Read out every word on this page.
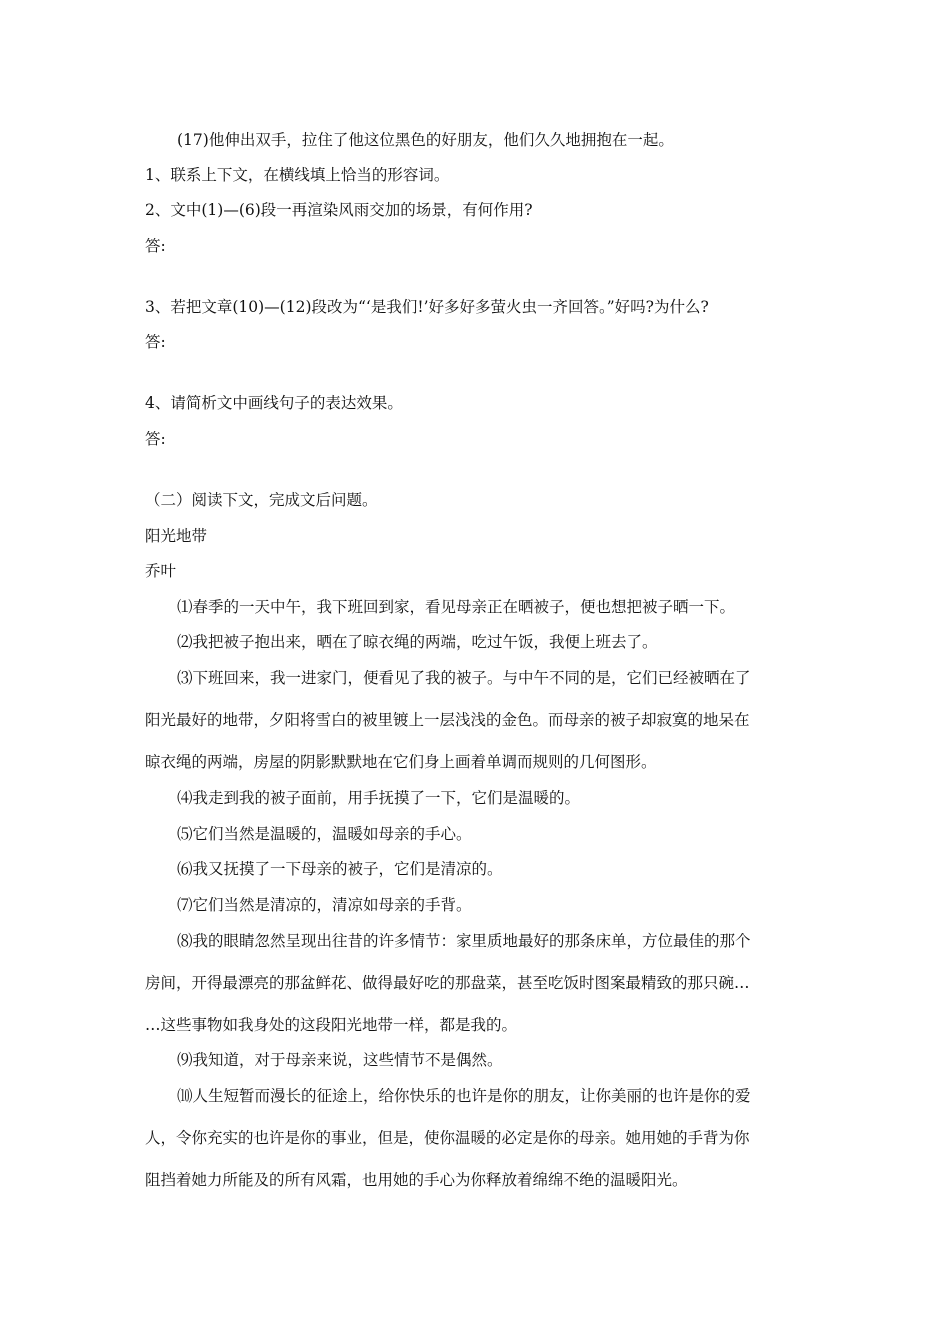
(17)他伸出双手，拉住了他这位黑色的好朋友，他们久久地拥抱在一起。
1、联系上下文，在横线填上恰当的形容词。
2、文中(1)—(6)段一再渲染风雨交加的场景，有何作用?
答:
3、若把文章(10)—(12)段改为“‘是我们!’好多好多萤火虫一齐回答。”好吗?为什么?
答:
4、请简析文中画线句子的表达效果。
答:
（二）阅读下文，完成文后问题。
阳光地带
乔叶
⑴春季的一天中午，我下班回到家，看见母亲正在晒被子，便也想把被子晒一下。
⑵我把被子抱出来，晒在了晾衣绳的两端，吃过午饭，我便上班去了。
⑶下班回来，我一进家门，便看见了我的被子。与中午不同的是，它们已经被晒在了
阳光最好的地带，夕阳将雪白的被里镀上一层浅浅的金色。而母亲的被子却寂寞的地呆在
晾衣绳的两端，房屋的阴影默默地在它们身上画着单调而规则的几何图形。
⑷我走到我的被子面前，用手抚摸了一下，它们是温暖的。
⑸它们当然是温暖的，温暖如母亲的手心。
⑹我又抚摸了一下母亲的被子，它们是清凉的。
⑺它们当然是清凉的，清凉如母亲的手背。
⑻我的眼睛忽然呈现出往昔的许多情节：家里质地最好的那条床单，方位最佳的那个
房间，开得最漂亮的那盆鲜花、做得最好吃的那盘菜，甚至吃饭时图案最精致的那只碗…
…这些事物如我身处的这段阳光地带一样，都是我的。
⑼我知道，对于母亲来说，这些情节不是偶然。
⑽人生短暂而漫长的征途上，给你快乐的也许是你的朋友，让你美丽的也许是你的爱
人，令你充实的也许是你的事业，但是，使你温暖的必定是你的母亲。她用她的手背为你
阻挡着她力所能及的所有风霜，也用她的手心为你释放着绵绵不绝的温暖阳光。
